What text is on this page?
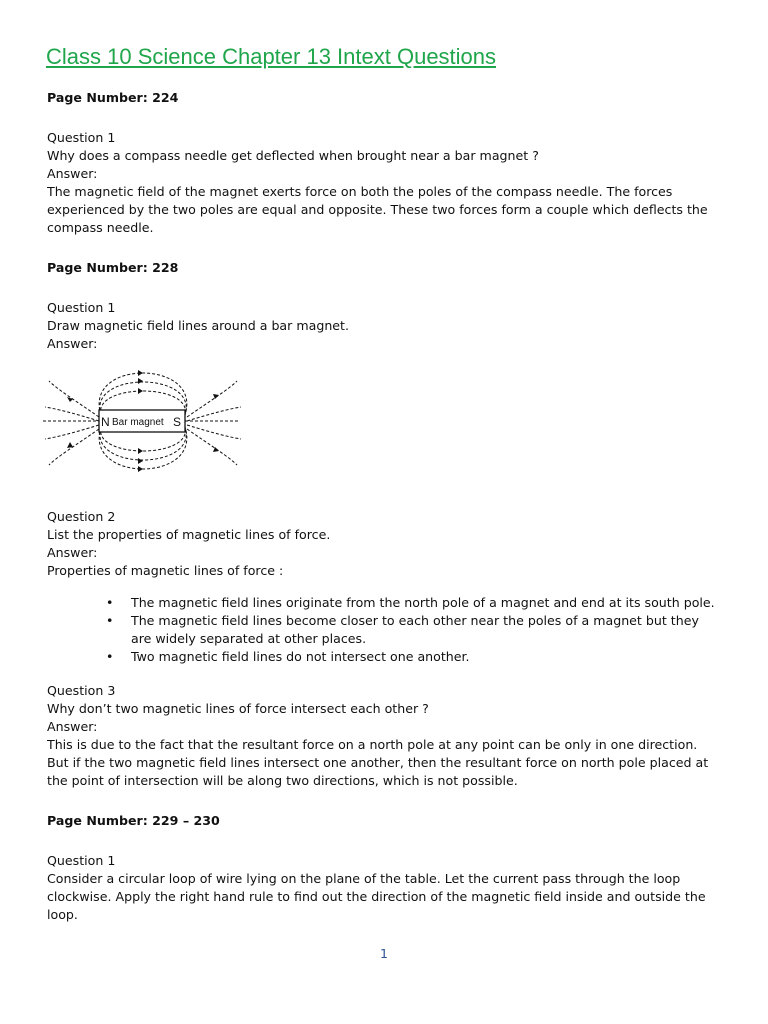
Class 10 Science Chapter 13 Intext Questions

Page Number: 224

Question 1

Why does a compass needle get deflected when brought near a bar magnet ?

Answer:

The magnetic field of the magnet exerts force on both the poles of the compass needle. The forces experienced by the two poles are equal and opposite. These two forces form a couple which deflects the compass needle.

Page Number: 228

Question 1

Draw magnetic field lines around a bar magnet.

Answer:

N Bar magnet S

Question 2

List the properties of magnetic lines of force.

Answer:

Properties of magnetic lines of force :

• The magnetic field lines originate from the north pole of a magnet and end at its south pole.
• The magnetic field lines become closer to each other near the poles of a magnet but they are widely separated at other places.
• Two magnetic field lines do not intersect one another.

Question 3

Why don’t two magnetic lines of force intersect each other ?

Answer:

This is due to the fact that the resultant force on a north pole at any point can be only in one direction. But if the two magnetic field lines intersect one another, then the resultant force on north pole placed at the point of intersection will be along two directions, which is not possible.

Page Number: 229 – 230

Question 1

Consider a circular loop of wire lying on the plane of the table. Let the current pass through the loop clockwise. Apply the right hand rule to find out the direction of the magnetic field inside and outside the loop.

1
